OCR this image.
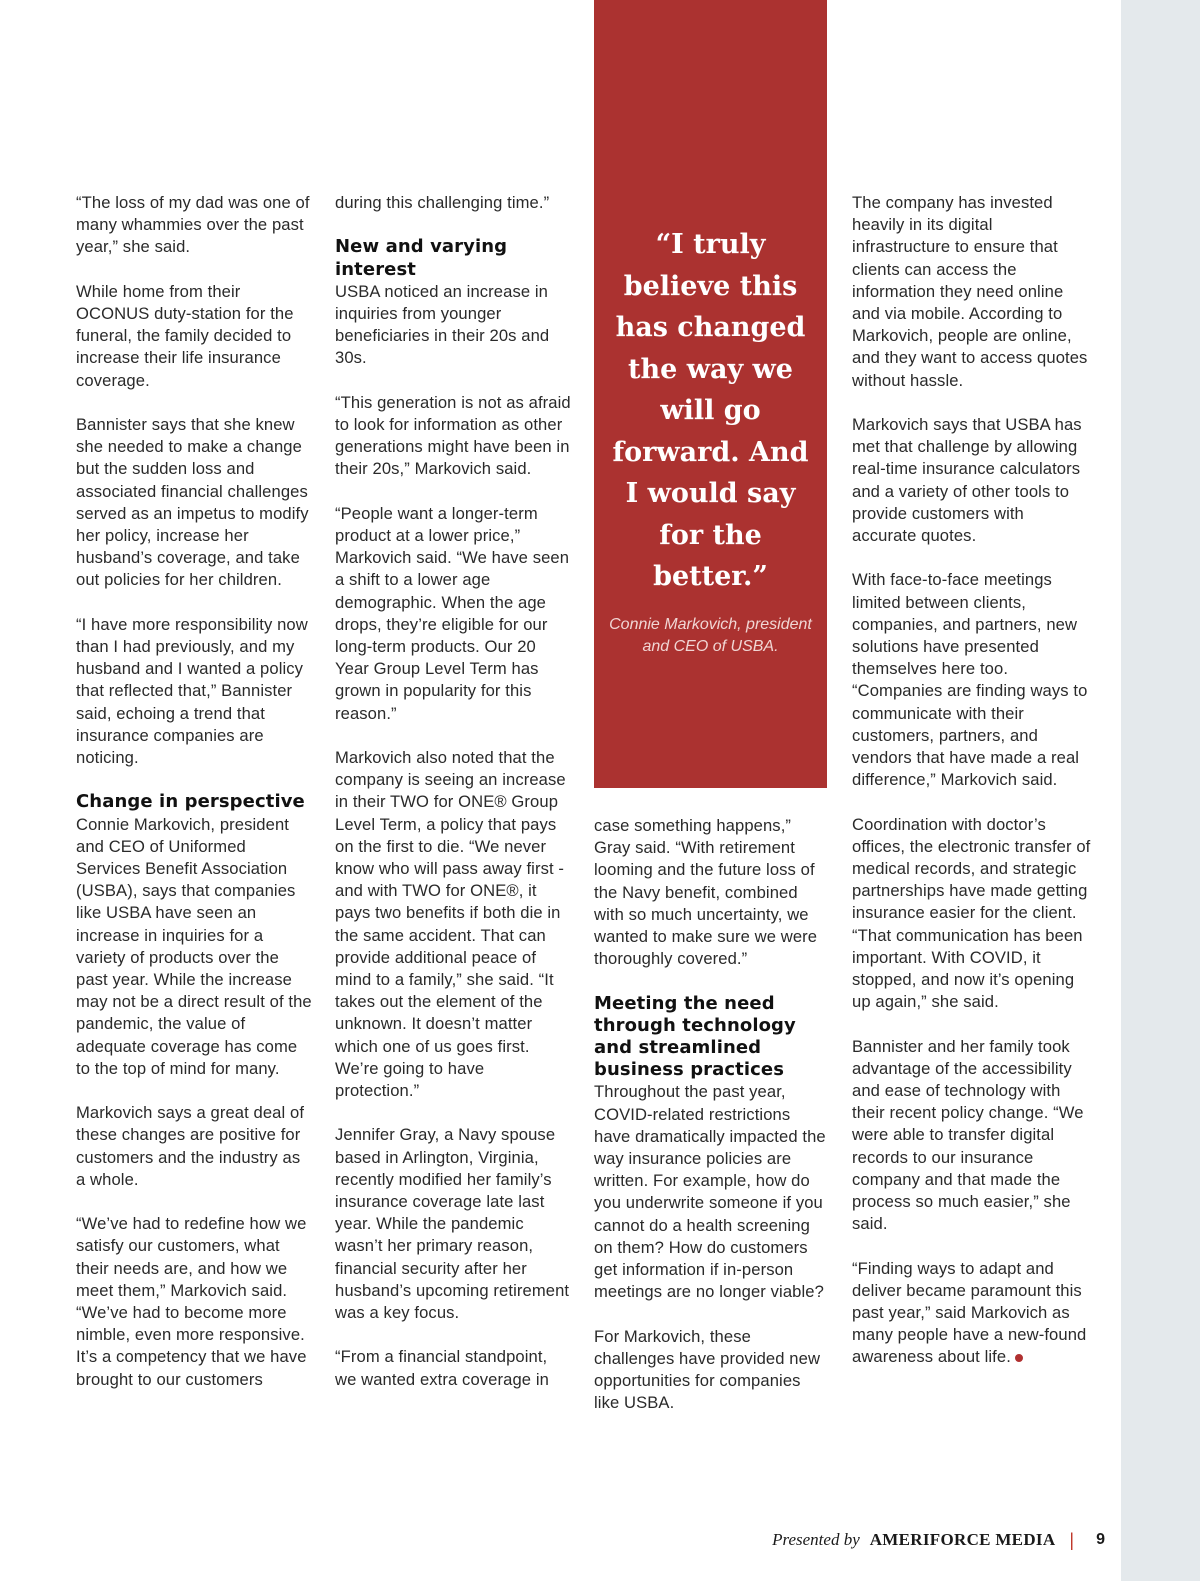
“The loss of my dad was one of many whammies over the past year,” she said.

While home from their OCONUS duty-station for the funeral, the family decided to increase their life insurance coverage.

Bannister says that she knew she needed to make a change but the sudden loss and associated financial challenges served as an impetus to modify her policy, increase her husband’s coverage, and take out policies for her children.

“I have more responsibility now than I had previously, and my husband and I wanted a policy that reflected that,” Bannister said, echoing a trend that insurance companies are noticing.

Change in perspective

Connie Markovich, president and CEO of Uniformed Services Benefit Association (USBA), says that companies like USBA have seen an increase in inquiries for a variety of products over the past year. While the increase may not be a direct result of the pandemic, the value of adequate coverage has come to the top of mind for many.

Markovich says a great deal of these changes are positive for customers and the industry as a whole.

“We’ve had to redefine how we satisfy our customers, what their needs are, and how we meet them,” Markovich said. “We’ve had to become more nimble, even more responsive. It’s a competency that we have brought to our customers

during this challenging time.”

New and varying interest

USBA noticed an increase in inquiries from younger beneficiaries in their 20s and 30s.

“This generation is not as afraid to look for information as other generations might have been in their 20s,” Markovich said.

“People want a longer-term product at a lower price,” Markovich said. “We have seen a shift to a lower age demographic. When the age drops, they’re eligible for our long-term products. Our 20 Year Group Level Term has grown in popularity for this reason.”

Markovich also noted that the company is seeing an increase in their TWO for ONE® Group Level Term, a policy that pays on the first to die. “We never know who will pass away first - and with TWO for ONE®, it pays two benefits if both die in the same accident. That can provide additional peace of mind to a family,” she said. “It takes out the element of the unknown. It doesn’t matter which one of us goes first. We’re going to have protection.”

Jennifer Gray, a Navy spouse based in Arlington, Virginia, recently modified her family’s insurance coverage late last year. While the pandemic wasn’t her primary reason, financial security after her husband’s upcoming retirement was a key focus.

“From a financial standpoint, we wanted extra coverage in

“I truly believe this has changed the way we will go forward. And I would say for the better.”
Connie Markovich, president and CEO of USBA.

case something happens,” Gray said. “With retirement looming and the future loss of the Navy benefit, combined with so much uncertainty, we wanted to make sure we were thoroughly covered.”

Meeting the need through technology and streamlined business practices

Throughout the past year, COVID-related restrictions have dramatically impacted the way insurance policies are written. For example, how do you underwrite someone if you cannot do a health screening on them? How do customers get information if in-person meetings are no longer viable?

For Markovich, these challenges have provided new opportunities for companies like USBA.

The company has invested heavily in its digital infrastructure to ensure that clients can access the information they need online and via mobile. According to Markovich, people are online, and they want to access quotes without hassle.

Markovich says that USBA has met that challenge by allowing real-time insurance calculators and a variety of other tools to provide customers with accurate quotes.

With face-to-face meetings limited between clients, companies, and partners, new solutions have presented themselves here too. “Companies are finding ways to communicate with their customers, partners, and vendors that have made a real difference,” Markovich said.

Coordination with doctor’s offices, the electronic transfer of medical records, and strategic partnerships have made getting insurance easier for the client. “That communication has been important. With COVID, it stopped, and now it’s opening up again,” she said.

Bannister and her family took advantage of the accessibility and ease of technology with their recent policy change. “We were able to transfer digital records to our insurance company and that made the process so much easier,” she said.

“Finding ways to adapt and deliver became paramount this past year,” said Markovich as many people have a new-found awareness about life.

Presented by AMERIFORCE MEDIA | 9
